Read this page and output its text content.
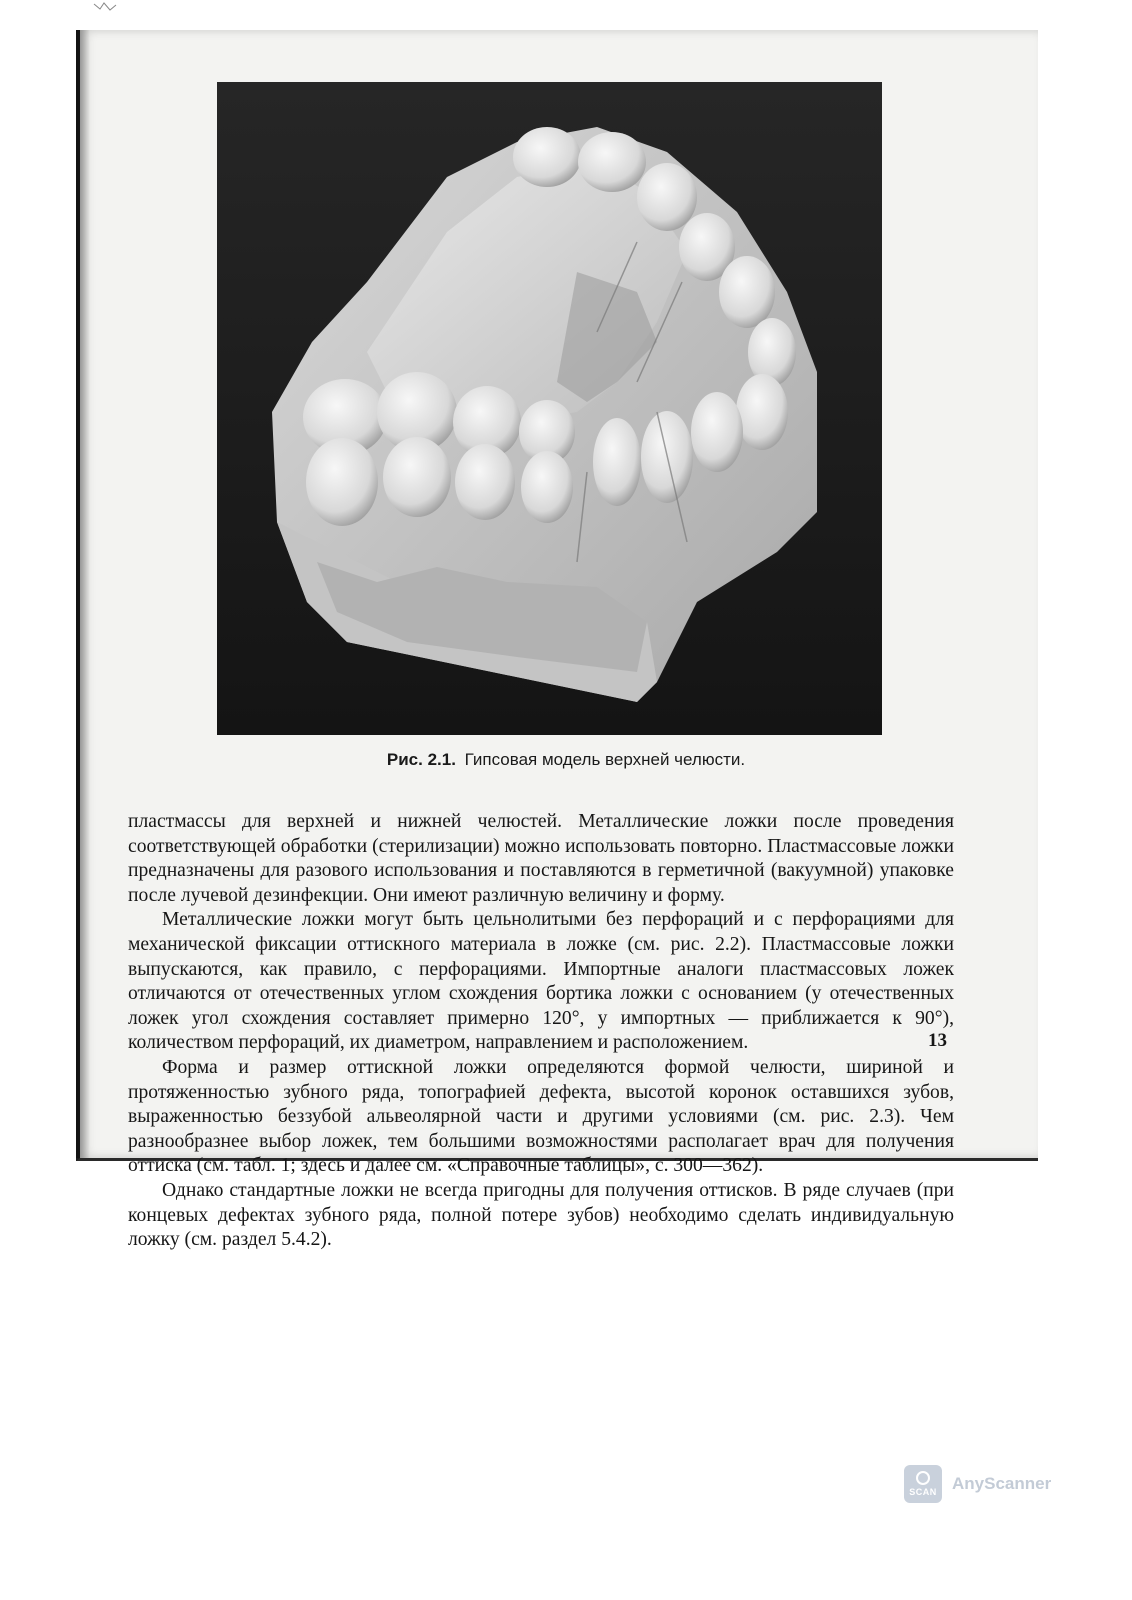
Рис. 2.1. Гипсовая модель верхней челюсти.

пластмассы для верхней и нижней челюстей. Металлические ложки после проведения соответствующей обработки (стерилизации) можно использовать повторно. Пластмассовые ложки предназначены для разового использования и поставляются в герметичной (вакуумной) упаковке после лучевой дезинфекции. Они имеют различную величину и форму.

Металлические ложки могут быть цельнолитыми без перфораций и с перфорациями для механической фиксации оттискного материала в ложке (см. рис. 2.2). Пластмассовые ложки выпускаются, как правило, с перфорациями. Импортные аналоги пластмассовых ложек отличаются от отечественных углом схождения бортика ложки с основанием (у отечественных ложек угол схождения составляет примерно 120°, у импортных — приближается к 90°), количеством перфораций, их диаметром, направлением и расположением.

Форма и размер оттискной ложки определяются формой челюсти, шириной и протяженностью зубного ряда, топографией дефекта, высотой коронок оставшихся зубов, выраженностью беззубой альвеолярной части и другими условиями (см. рис. 2.3). Чем разнообразнее выбор ложек, тем большими возможностями располагает врач для получения оттиска (см. табл. 1; здесь и далее см. «Справочные таблицы», с. 300—362).

Однако стандартные ложки не всегда пригодны для получения оттисков. В ряде случаев (при концевых дефектах зубного ряда, полной потере зубов) необходимо сделать индивидуальную ложку (см. раздел 5.4.2).

13
SCAN AnyScanner
